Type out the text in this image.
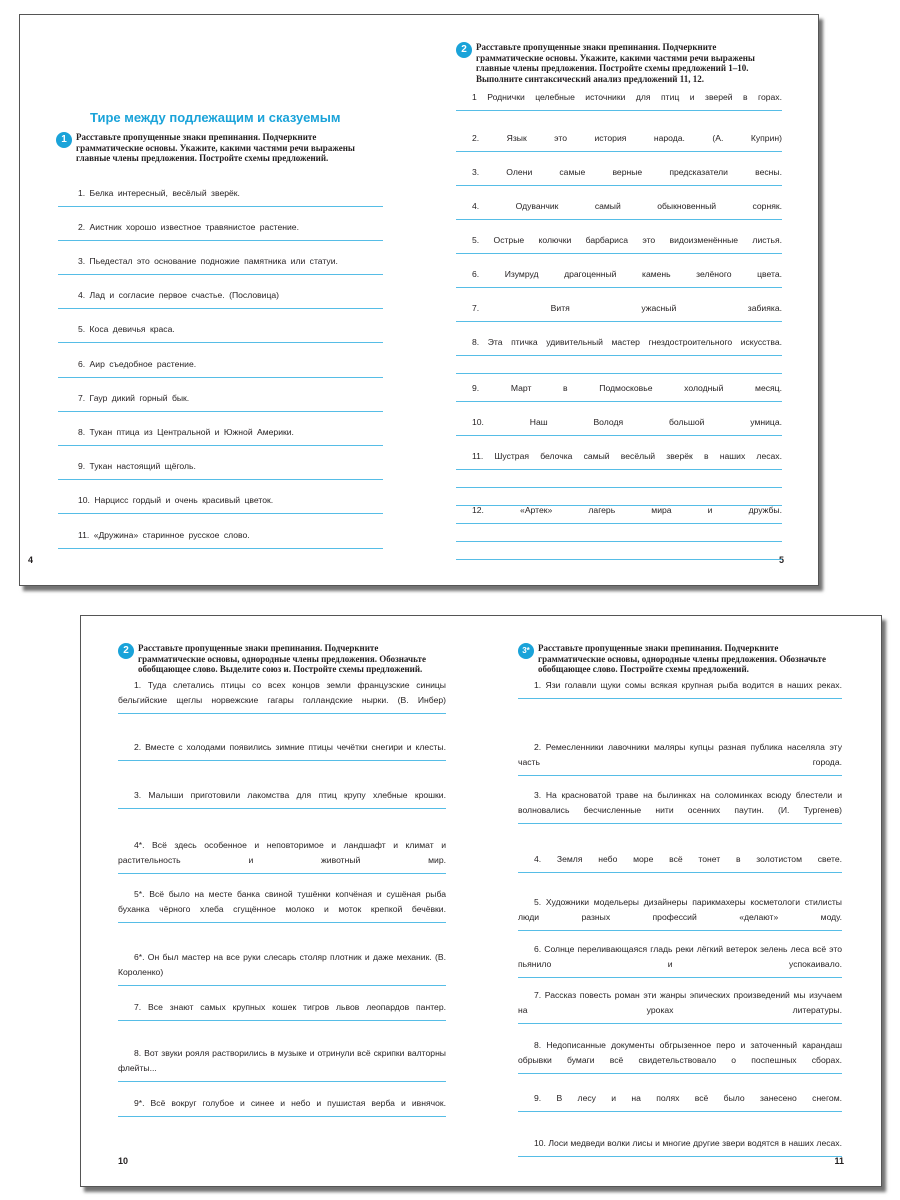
Тире между подлежащим и сказуемым
1	Расставьте пропущенные знаки препинания. Подчеркните грамматические основы. Укажите, какими частями речи выражены главные члены предложения. Постройте схемы предложений.
4
1. Белка интересный, весёлый зверёк.
2. Аистник хорошо известное травянистое растение.
3. Пьедестал это основание подножие памятника или статуи.
4. Лад и согласие первое счастье. (Пословица)
5. Коса девичья краса.
6. Аир съедобное растение.
7. Гаур дикий горный бык.
8. Тукан птица из Центральной и Южной Америки.
9. Тукан настоящий щёголь.
10. Нарцисс гордый и очень красивый цветок.
11. «Дружина» старинное русское слово.
2	Расставьте пропущенные знаки препинания. Подчеркните грамматические основы. Укажите, какими частями речи выражены главные члены предложения. Постройте схемы предложений 1–10. Выполните синтаксический анализ предложений 11, 12.
5
1 Роднички целебные источники для птиц и зверей в горах.
2. Язык это история народа. (А. Куприн)
3. Олени самые верные предсказатели весны.
4. Одуванчик самый обыкновенный сорняк.
5. Острые колючки барбариса это видоизменённые листья.
6. Изумруд драгоценный камень зелёного цвета.
7. Витя ужасный забияка.
8. Эта птичка удивительный мастер гнездостроительного искусства.
9. Март в Подмосковье холодный месяц.
10. Наш Володя большой умница.
11. Шустрая белочка самый весёлый зверёк в наших лесах.
12. «Артек» лагерь мира и дружбы.
2	Расставьте пропущенные знаки препинания. Подчеркните грамматические основы, однородные члены предложения. Обозначьте обобщающее слово. Выделите союз и. Постройте схемы предложений.
10
1. Туда слетались птицы со всех концов земли французские синицы бельгийские щеглы норвежские гагары голландские нырки. (В. Инбер)
2. Вместе с холодами появились зимние птицы чечётки снегири и клесты.
3. Малыши приготовили лакомства для птиц крупу хлебные крошки.
4*. Всё здесь особенное и неповторимое и ландшафт и климат и растительность и животный мир.
5*. Всё было на месте банка свиной тушёнки копчёная и сушёная рыба буханка чёрного хлеба сгущённое молоко и моток крепкой бечёвки.
6*. Он был мастер на все руки слесарь столяр плотник и даже механик. (В. Короленко)
7. Все знают самых крупных кошек тигров львов леопардов пантер.
8. Вот звуки рояля растворились в музыке и отринули всё скрипки валторны флейты...
9*. Всё вокруг голубое и синее и небо и пушистая верба и ивнячок.
3* Расставьте пропущенные знаки препинания. Подчеркните грамматические основы, однородные члены предложения. Обозначьте обобщающее слово. Постройте схемы предложений.
11
1. Язи голавли щуки сомы всякая крупная рыба водится в наших реках.
2. Ремесленники лавочники маляры купцы разная публика населяла эту часть города.
3. На красноватой траве на былинках на соломинках всюду блестели и волновались бесчисленные нити осенних паутин. (И. Тургенев)
4. Земля небо море всё тонет в золотистом свете.
5. Художники модельеры дизайнеры парикмахеры косметологи стилисты люди разных профессий «делают» моду.
6. Солнце переливающаяся гладь реки лёгкий ветерок зелень леса всё это пьянило и успокаивало.
7. Рассказ повесть роман эти жанры эпических произведений мы изучаем на уроках литературы.
8. Недописанные документы обгрызенное перо и заточенный карандаш обрывки бумаги всё свидетельствовало о поспешных сборах.
9. В лесу и на полях всё было занесено снегом.
10. Лоси медведи волки лисы и многие другие звери водятся в наших лесах.
